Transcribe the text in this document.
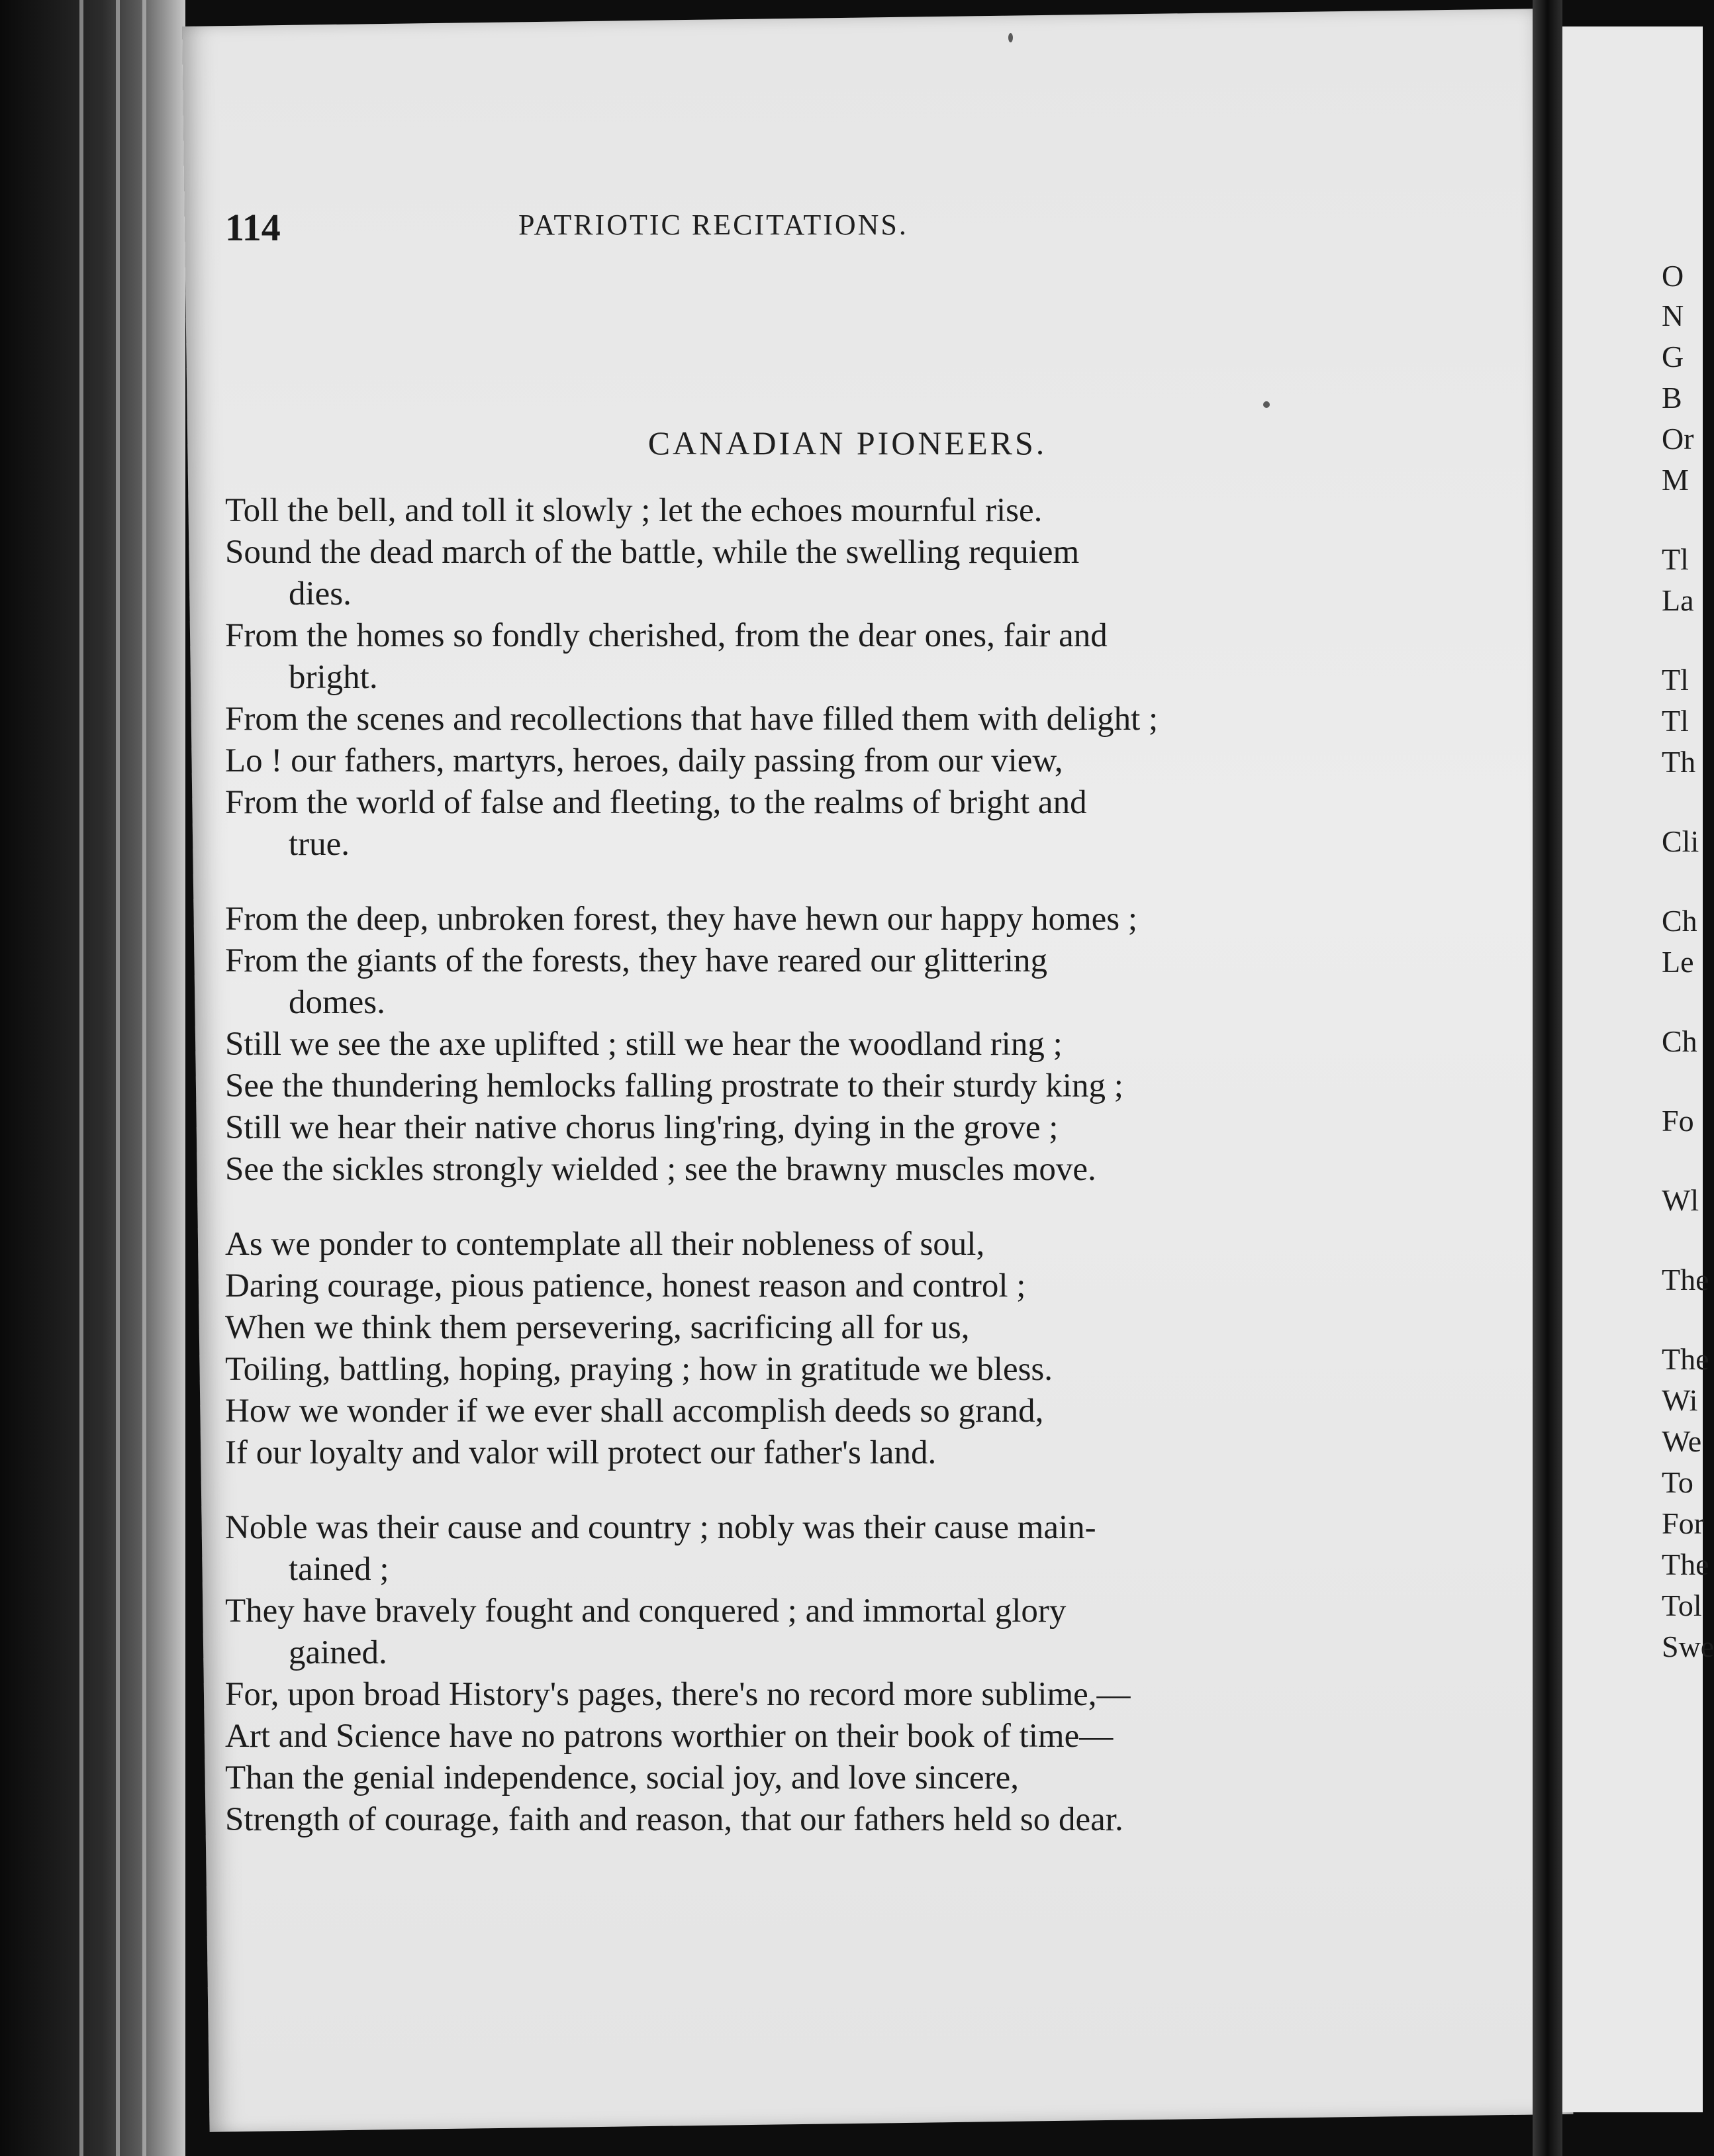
114	PATRIOTIC RECITATIONS.
CANADIAN PIONEERS.
Toll the bell, and toll it slowly ; let the echoes mournful rise.
Sound the dead march of the battle, while the swelling requiem
dies.
From the homes so fondly cherished, from the dear ones, fair and
bright.
From the scenes and recollections that have filled them with delight ;
Lo ! our fathers, martyrs, heroes, daily passing from our view,
From the world of false and fleeting, to the realms of bright and
true.
From the deep, unbroken forest, they have hewn our happy homes ;
From the giants of the forests, they have reared our glittering
domes.
Still we see the axe uplifted ; still we hear the woodland ring ;
See the thundering hemlocks falling prostrate to their sturdy king ;
Still we hear their native chorus ling'ring, dying in the grove ;
See the sickles strongly wielded ; see the brawny muscles move.
As we ponder to contemplate all their nobleness of soul,
Daring courage, pious patience, honest reason and control ;
When we think them persevering, sacrificing all for us,
Toiling, battling, hoping, praying ; how in gratitude we bless.
How we wonder if we ever shall accomplish deeds so grand,
If our loyalty and valor will protect our father's land.
Noble was their cause and country ; nobly was their cause main-
tained ;
They have bravely fought and conquered ; and immortal glory
gained.
For, upon broad History's pages, there's no record more sublime,—
Art and Science have no patrons worthier on their book of time—
Than the genial independence, social joy, and love sincere,
Strength of courage, faith and reason, that our fathers held so dear.
O
N
G
B
Or
M
Tl
La
Tl
Tl
Th
Cli
Ch
Le
Ch
Fo
Wl
The
The
Wi
We
To
For
The
Tol
Swe
